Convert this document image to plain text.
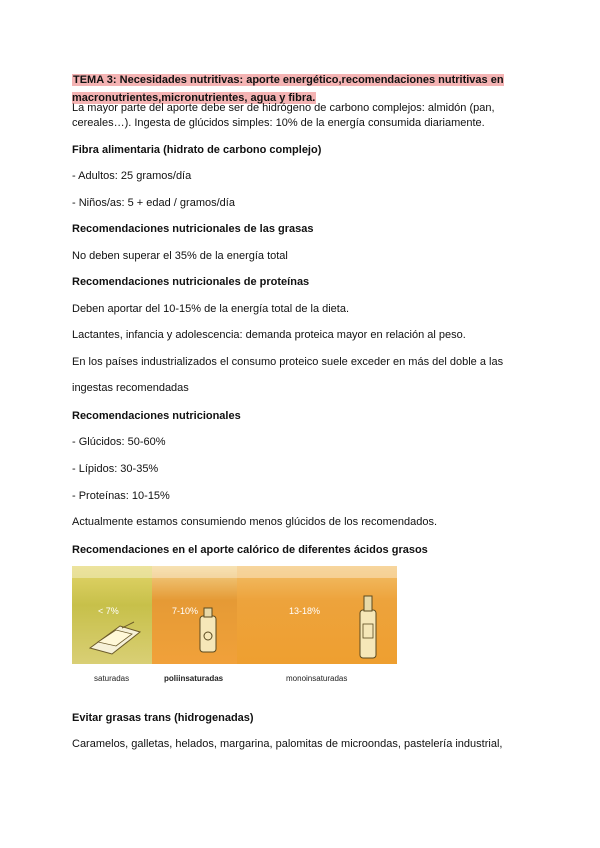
TEMA 3: Necesidades nutritivas: aporte energético,recomendaciones nutritivas en macronutrientes,micronutrientes, agua y fibra.
La mayor parte del aporte debe ser de hidrógeno de carbono complejos: almidón (pan,
cereales…). Ingesta de glúcidos simples: 10% de la energía consumida diariamente.
Fibra alimentaria (hidrato de carbono complejo)
- Adultos: 25 gramos/día
- Niños/as: 5 + edad / gramos/día
Recomendaciones nutricionales de las grasas
No deben superar el 35% de la energía total
Recomendaciones nutricionales de proteínas
Deben aportar del 10-15% de la energía total de la dieta.
Lactantes, infancia y adolescencia: demanda proteica mayor en relación al peso.
En los países industrializados el consumo proteico suele exceder en más del doble a las
ingestas recomendadas
Recomendaciones nutricionales
- Glúcidos: 50-60%
- Lípidos: 30-35%
- Proteínas: 10-15%
Actualmente estamos consumiendo menos glúcidos de los recomendados.
Recomendaciones en el aporte calórico de diferentes ácidos grasos
< 7%	7-10%	13-18%
saturadas	poliinsaturadas	monoinsaturadas
Evitar grasas trans (hidrogenadas)
Caramelos, galletas, helados, margarina, palomitas de microondas, pastelería industrial,
